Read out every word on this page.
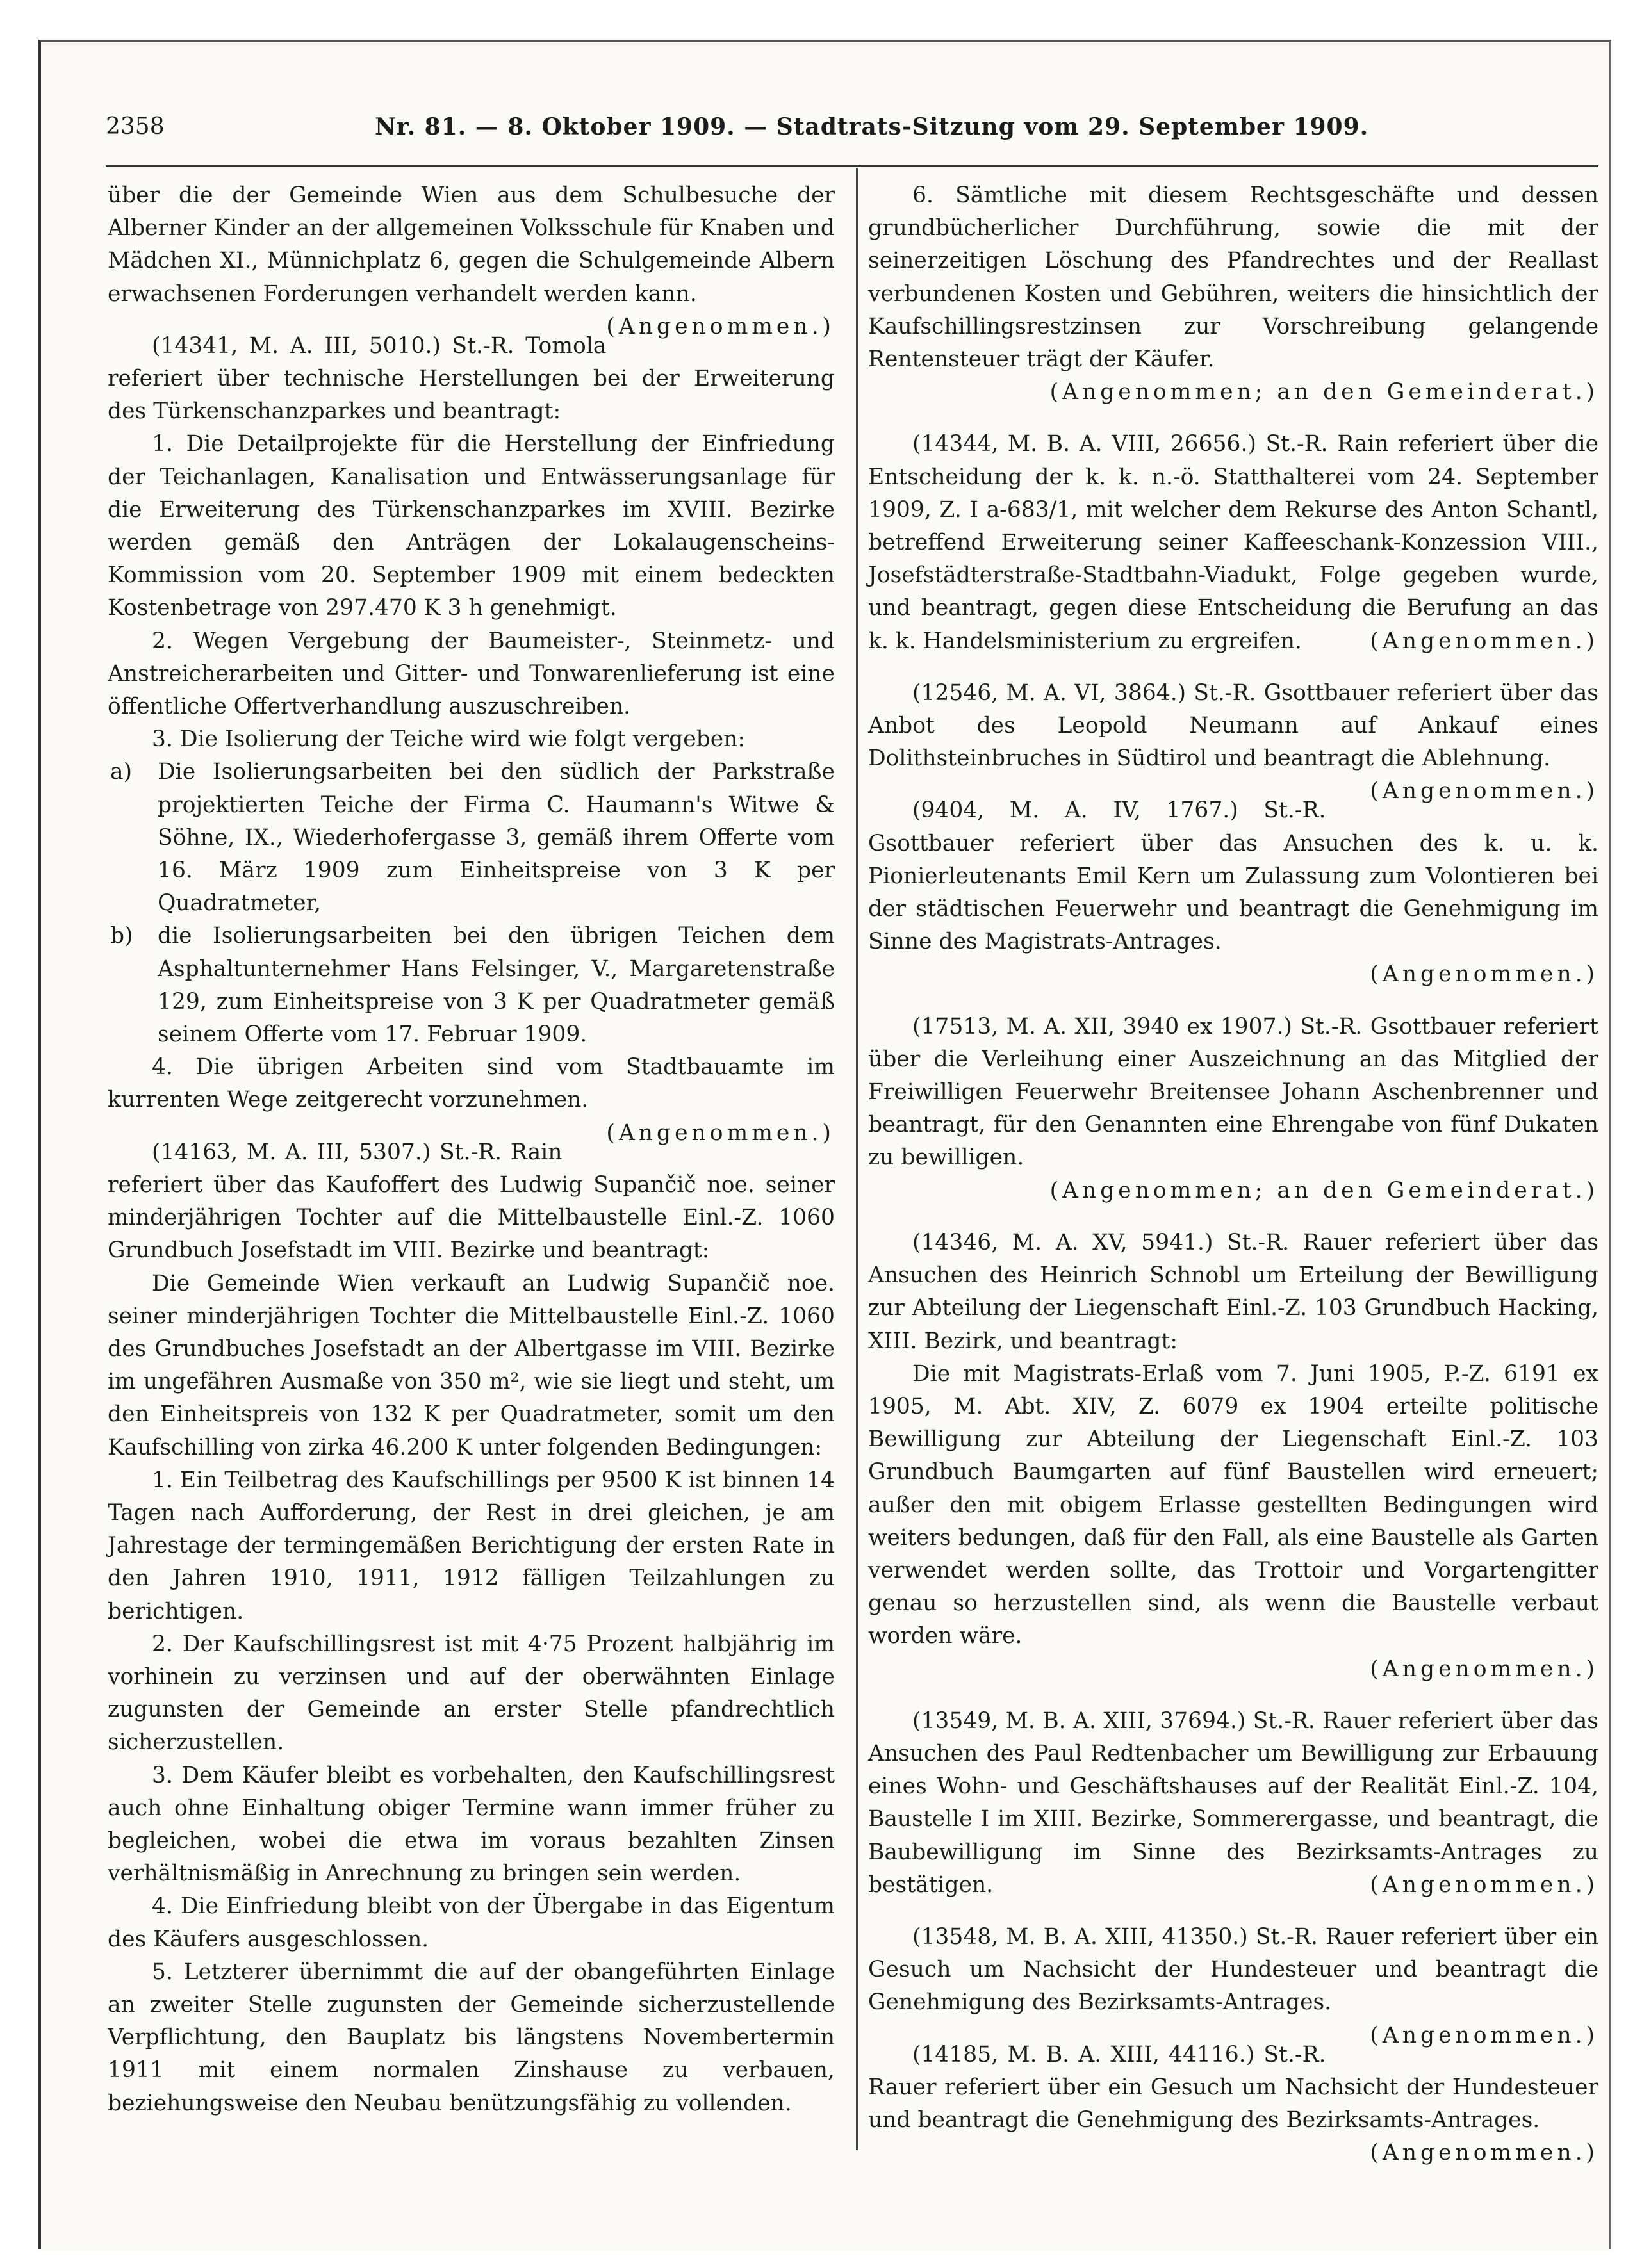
2358	Nr. 81. — 8. Oktober 1909. — Stadtrats-Sitzung vom 29. September 1909.

über die der Gemeinde Wien aus dem Schulbesuche der Alberner Kinder an der allgemeinen Volksschule für Knaben und Mädchen XI., Münnichplatz 6, gegen die Schulgemeinde Albern erwachsenen Forderungen verhandelt werden kann.
(Angenommen.)

(14341, M. A. III, 5010.) St.-R. Tomola referiert über technische Herstellungen bei der Erweiterung des Türkenschanzparkes und beantragt:

1. Die Detailprojekte für die Herstellung der Einfriedung der Teichanlagen, Kanalisation und Entwässerungsanlage für die Erweiterung des Türkenschanzparkes im XVIII. Bezirke werden gemäß den Anträgen der Lokalaugenscheins-Kommission vom 20. September 1909 mit einem bedeckten Kostenbetrage von 297.470 K 3 h genehmigt.

2. Wegen Vergebung der Baumeister-, Steinmetz- und Anstreicherarbeiten und Gitter- und Tonwarenlieferung ist eine öffentliche Offertverhandlung auszuschreiben.

3. Die Isolierung der Teiche wird wie folgt vergeben:

a) Die Isolierungsarbeiten bei den südlich der Parkstraße projektierten Teiche der Firma C. Haumann's Witwe & Söhne, IX., Wiederhofergasse 3, gemäß ihrem Offerte vom 16. März 1909 zum Einheitspreise von 3 K per Quadratmeter,
b) die Isolierungsarbeiten bei den übrigen Teichen dem Asphaltunternehmer Hans Felsinger, V., Margaretenstraße 129, zum Einheitspreise von 3 K per Quadratmeter gemäß seinem Offerte vom 17. Februar 1909.

4. Die übrigen Arbeiten sind vom Stadtbauamte im kurrenten Wege zeitgerecht vorzunehmen.
(Angenommen.)

(14163, M. A. III, 5307.) St.-R. Rain referiert über das Kaufoffert des Ludwig Supančič noe. seiner minderjährigen Tochter auf die Mittelbaustelle Einl.-Z. 1060 Grundbuch Josefstadt im VIII. Bezirke und beantragt:

Die Gemeinde Wien verkauft an Ludwig Supančič noe. seiner minderjährigen Tochter die Mittelbaustelle Einl.-Z. 1060 des Grundbuches Josefstadt an der Albertgasse im VIII. Bezirke im ungefähren Ausmaße von 350 m², wie sie liegt und steht, um den Einheitspreis von 132 K per Quadratmeter, somit um den Kaufschilling von zirka 46.200 K unter folgenden Bedingungen:

1. Ein Teilbetrag des Kaufschillings per 9500 K ist binnen 14 Tagen nach Aufforderung, der Rest in drei gleichen, je am Jahrestage der termingemäßen Berichtigung der ersten Rate in den Jahren 1910, 1911, 1912 fälligen Teilzahlungen zu berichtigen.

2. Der Kaufschillingsrest ist mit 4·75 Prozent halbjährig im vorhinein zu verzinsen und auf der oberwähnten Einlage zugunsten der Gemeinde an erster Stelle pfandrechtlich sicherzustellen.

3. Dem Käufer bleibt es vorbehalten, den Kaufschillingsrest auch ohne Einhaltung obiger Termine wann immer früher zu begleichen, wobei die etwa im voraus bezahlten Zinsen verhältnismäßig in Anrechnung zu bringen sein werden.

4. Die Einfriedung bleibt von der Übergabe in das Eigentum des Käufers ausgeschlossen.

5. Letzterer übernimmt die auf der obangeführten Einlage an zweiter Stelle zugunsten der Gemeinde sicherzustellende Verpflichtung, den Bauplatz bis längstens Novembertermin 1911 mit einem normalen Zinshause zu verbauen, beziehungsweise den Neubau benützungsfähig zu vollenden.

6. Sämtliche mit diesem Rechtsgeschäfte und dessen grundbücherlicher Durchführung, sowie die mit der seinerzeitigen Löschung des Pfandrechtes und der Reallast verbundenen Kosten und Gebühren, weiters die hinsichtlich der Kaufschillingsrestzinsen zur Vorschreibung gelangende Rentensteuer trägt der Käufer.

(Angenommen; an den Gemeinderat.)

(14344, M. B. A. VIII, 26656.) St.-R. Rain referiert über die Entscheidung der k. k. n.-ö. Statthalterei vom 24. September 1909, Z. I a-683/1, mit welcher dem Rekurse des Anton Schantl, betreffend Erweiterung seiner Kaffeeschank-Konzession VIII., Josefstädterstraße-Stadtbahn-Viadukt, Folge gegeben wurde, und beantragt, gegen diese Entscheidung die Berufung an das k. k. Handelsministerium zu ergreifen.	(Angenommen.)

(12546, M. A. VI, 3864.) St.-R. Gsottbauer referiert über das Anbot des Leopold Neumann auf Ankauf eines Dolithsteinbruches in Südtirol und beantragt die Ablehnung.
(Angenommen.)

(9404, M. A. IV, 1767.) St.-R. Gsottbauer referiert über das Ansuchen des k. u. k. Pionierleutenants Emil Kern um Zulassung zum Volontieren bei der städtischen Feuerwehr und beantragt die Genehmigung im Sinne des Magistrats-Antrages.

(Angenommen.)

(17513, M. A. XII, 3940 ex 1907.) St.-R. Gsottbauer referiert über die Verleihung einer Auszeichnung an das Mitglied der Freiwilligen Feuerwehr Breitensee Johann Aschenbrenner und beantragt, für den Genannten eine Ehrengabe von fünf Dukaten zu bewilligen.

(Angenommen; an den Gemeinderat.)

(14346, M. A. XV, 5941.) St.-R. Rauer referiert über das Ansuchen des Heinrich Schnobl um Erteilung der Bewilligung zur Abteilung der Liegenschaft Einl.-Z. 103 Grundbuch Hacking, XIII. Bezirk, und beantragt:

Die mit Magistrats-Erlaß vom 7. Juni 1905, P.-Z. 6191 ex 1905, M. Abt. XIV, Z. 6079 ex 1904 erteilte politische Bewilligung zur Abteilung der Liegenschaft Einl.-Z. 103 Grundbuch Baumgarten auf fünf Baustellen wird erneuert; außer den mit obigem Erlasse gestellten Bedingungen wird weiters bedungen, daß für den Fall, als eine Baustelle als Garten verwendet werden sollte, das Trottoir und Vorgartengitter genau so herzustellen sind, als wenn die Baustelle verbaut worden wäre.

(Angenommen.)

(13549, M. B. A. XIII, 37694.) St.-R. Rauer referiert über das Ansuchen des Paul Redtenbacher um Bewilligung zur Erbauung eines Wohn- und Geschäftshauses auf der Realität Einl.-Z. 104, Baustelle I im XIII. Bezirke, Sommerergasse, und beantragt, die Baubewilligung im Sinne des Bezirksamts-Antrages zu bestätigen.	(Angenommen.)

(13548, M. B. A. XIII, 41350.) St.-R. Rauer referiert über ein Gesuch um Nachsicht der Hundesteuer und beantragt die Genehmigung des Bezirksamts-Antrages.
(Angenommen.)

(14185, M. B. A. XIII, 44116.) St.-R. Rauer referiert über ein Gesuch um Nachsicht der Hundesteuer und beantragt die Genehmigung des Bezirksamts-Antrages.
(Angenommen.)
